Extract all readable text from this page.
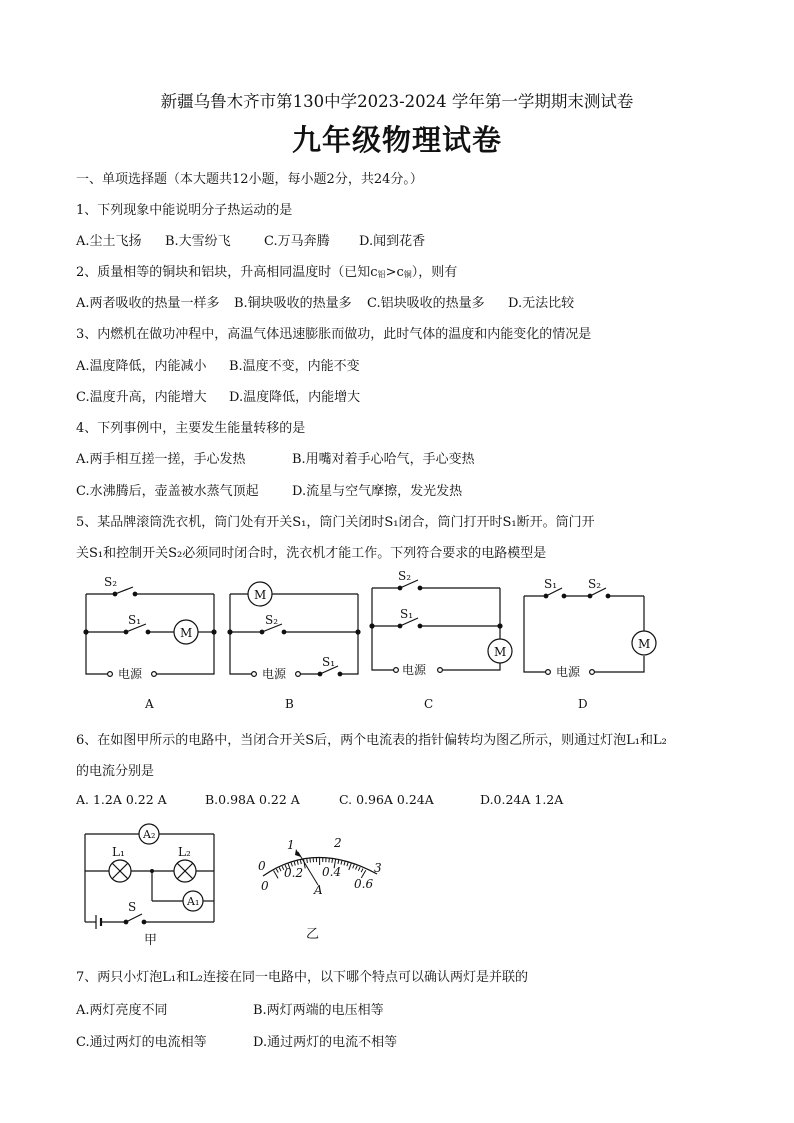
新疆乌鲁木齐市第130中学2023-2024 学年第一学期期末测试卷
九年级物理试卷
一、单项选择题（本大题共12小题，每小题2分，共24分。）
1、下列现象中能说明分子热运动的是
A.尘土飞扬 B.大雪纷飞	C.万马奔腾 D.闻到花香
2、质量相等的铜块和铝块，升高相同温度时（已知c铝>c铜），则有
A.两者吸收的热量一样多 B.铜块吸收的热量多 C.铝块吸收的热量多 D.无法比较
3、内燃机在做功冲程中，高温气体迅速膨胀而做功，此时气体的温度和内能变化的情况是
A.温度降低，内能减小 B.温度不变，内能不变
C.温度升高，内能增大 D.温度降低，内能增大
4、下列事例中，主要发生能量转移的是
A.两手相互搓一搓，手心发热	B.用嘴对着手心哈气，手心变热
C.水沸腾后，壶盖被水蒸气顶起	D.流星与空气摩擦，发光发热
5、某品牌滚筒洗衣机，筒门处有开关S₁，筒门关闭时S₁闭合，筒门打开时S₁断开。筒门开
关S₁和控制开关S₂必须同时闭合时，洗衣机才能工作。下列符合要求的电路模型是
S₂
S₁
M
电源
A
M
S₂
S₁
电源
B
S₂
S₁
M
电源
C
S₁	S₂
M
电源
D
6、在如图甲所示的电路中，当闭合开关S后，两个电流表的指针偏转均为图乙所示，则通过灯泡L₁和L₂
的电流分别是
A. 1.2A 0.22 A	B.0.98A 0.22 A	C. 0.96A 0.24A	D.0.24A 1.2A
A₂
A₁
L₁	L₂
S
甲
0
1	2
3
0
0.2 0.4
0.6
A
乙
7、两只小灯泡L₁和L₂连接在同一电路中，以下哪个特点可以确认两灯是并联的
A.两灯亮度不同	B.两灯两端的电压相等
C.通过两灯的电流相等	D.通过两灯的电流不相等
